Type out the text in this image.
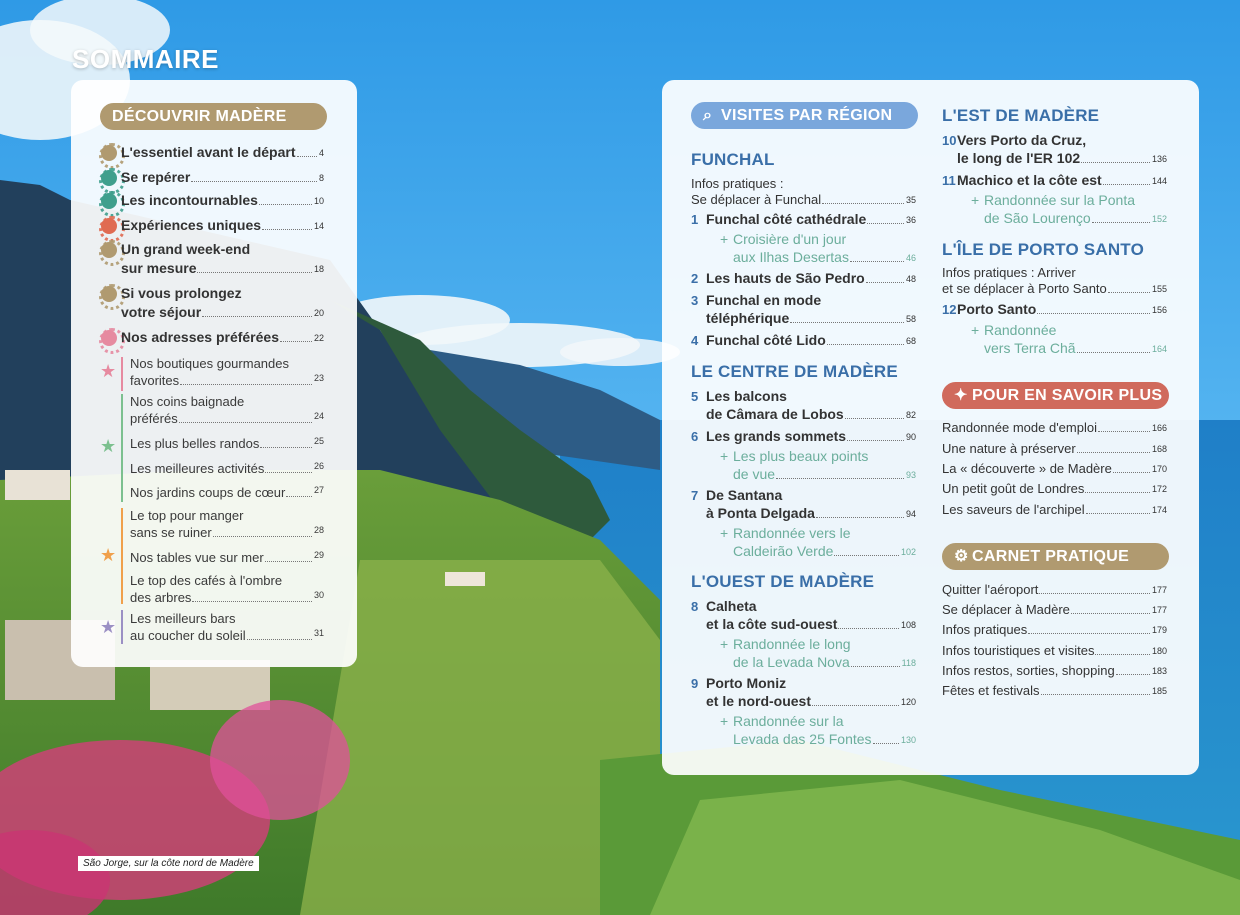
SOMMAIRE
São Jorge, sur la côte nord de Madère
DÉCOUVRIR MADÈRE
L'essentiel avant le départ	4
Se repérer	8
Les incontournables	10
Expériences uniques	14
Un grand week-end
sur mesure	18
Si vous prolongez
votre séjour	20
Nos adresses préférées	22
★
★
★
★
Nos boutiques gourmandes
favorites	23
Nos coins baignade
préférés	24
Les plus belles randos	25
Les meilleures activités	26
Nos jardins coups de cœur	27
Le top pour manger
sans se ruiner	28
Nos tables vue sur mer	29
Le top des cafés à l'ombre
des arbres	30
Les meilleurs bars
au coucher du soleil	31
⌕ VISITES PAR RÉGION
FUNCHAL
Infos pratiques :
Se déplacer à Funchal	35
1 Funchal côté cathédrale	36
+ Croisière d'un jour
aux Ilhas Desertas	46
2 Les hauts de São Pedro	48
3 Funchal en mode
téléphérique	58
4 Funchal côté Lido	68
LE CENTRE DE MADÈRE
5 Les balcons
de Câmara de Lobos	82
6 Les grands sommets	90
+ Les plus beaux points
de vue	93
7 De Santana
à Ponta Delgada	94
+ Randonnée vers le
Caldeirão Verde	102
L'OUEST DE MADÈRE
8 Calheta
et la côte sud-ouest	108
+ Randonnée le long
de la Levada Nova	118
9 Porto Moniz
et le nord-ouest	120
+ Randonnée sur la
Levada das 25 Fontes	130
L'EST DE MADÈRE
10 Vers Porto da Cruz,
le long de l'ER 102	136
11 Machico et la côte est	144
+ Randonnée sur la Ponta
de São Lourenço	152
L'ÎLE DE PORTO SANTO
Infos pratiques : Arriver
et se déplacer à Porto Santo	155
12 Porto Santo	156
+ Randonnée
vers Terra Chã	164
✦ POUR EN SAVOIR PLUS
Randonnée mode d'emploi	166
Une nature à préserver	168
La « découverte » de Madère	170
Un petit goût de Londres	172
Les saveurs de l'archipel	174
⚙ CARNET PRATIQUE
Quitter l'aéroport	177
Se déplacer à Madère	177
Infos pratiques	179
Infos touristiques et visites	180
Infos restos, sorties, shopping	183
Fêtes et festivals	185
